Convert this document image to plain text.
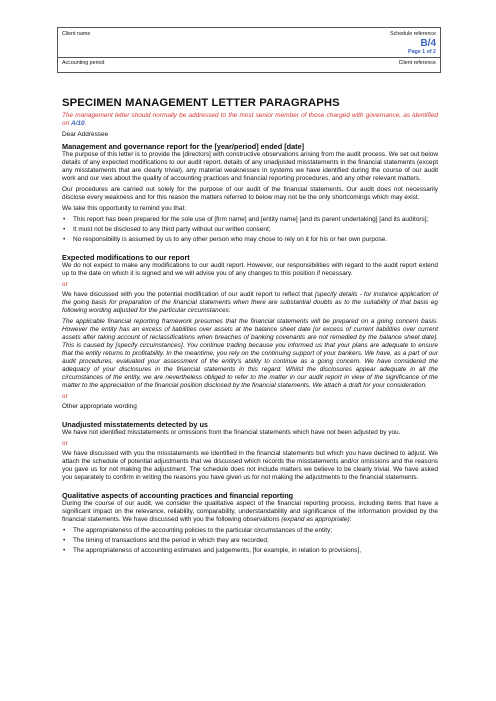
Client name	Schedule reference
B/4
Page 1 of 2
Accounting period	Client reference
SPECIMEN MANAGEMENT LETTER PARAGRAPHS

The management letter should normally be addressed to the most senior member of those charged with governance, as identified on A/10.

Dear Addressee

Management and governance report for the [year/period] ended [date]

The purpose of this letter is to provide the [directors] with constructive observations arising from the audit process. We set out below details of any expected modifications to our audit report, details of any unadjusted misstatements in the financial statements (except any misstatements that are clearly trivial), any material weaknesses in systems we have identified during the course of our audit work and our vies about the quality of accounting practices and financial reporting procedures, and any other relevant matters.

Our procedures are carried out solely for the purpose of our audit of the financial statements. Our audit does not necessarily disclose every weakness and for this reason the matters referred to below may not be the only shortcomings which may exist.

We take this opportunity to remind you that:

• This report has been prepared for the sole use of [firm name] and [entity name] [and its parent undertaking] [and its auditors];
• It must not be disclosed to any third party without our written consent;
• No responsibility is assumed by us to any other person who may chose to rely on it for his or her own purpose.
Expected modifications to our report

We do not expect to make any modifications to our audit report. However, our responsibilities with regard to the audit report extend up to the date on which it is signed and we will advise you of any changes to this position if necessary.

or

We have discussed with you the potential modification of our audit report to reflect that [specify details - for instance application of the going basis for preparation of the financial statements when there are substantial doubts as to the suitability of that basis eg following wording adjusted for the particular circumstances:

The applicable financial reporting framework presumes that the financial statements will be prepared on a going concern basis. However the entity has an excess of liabilities over assets at the balance sheet date [or excess of current liabilities over current assets after taking account of reclassifications when breaches of banking covenants are not remedied by the balance sheet date]. This is caused by [specify circumstances]. You continue trading because you informed us that your plans are adequate to ensure that the entity returns to profitability. In the meantime, you rely on the continuing support of your bankers. We have, as a part of our audit procedures, evaluated your assessment of the entity's ability to continue as a going concern. We have considered the adequacy of your disclosures in the financial statements in this regard. Whilst the disclosures appear adequate in all the circumstances of the entity, we are nevertheless obliged to refer to the matter in our audit report in view of the significance of the matter to the appreciation of the financial position disclosed by the financial statements. We attach a draft for your consideration.

or

Other appropriate wording

Unadjusted misstatements detected by us

We have not identified misstatements or omissions from the financial statements which have not been adjusted by you.

or

We have discussed with you the misstatements we identified in the financial statements but which you have declined to adjust. We attach the schedule of potential adjustments that we discussed which records the misstatements and/or omissions and the reasons you gave us for not making the adjustment. The schedule does not include matters we believe to be clearly trivial. We have asked you separately to confirm in writing the reasons you have given us for not making the adjustments to the financial statements.

Qualitative aspects of accounting practices and financial reporting

During the course of our audit, we consider the qualitative aspect of the financial reporting process, including items that have a significant impact on the relevance, reliability, comparability, understandability and significance of the information provided by the financial statements. We have discussed with you the following observations (expand as appropriate):

• The appropriateness of the accounting policies to the particular circumstances of the entity;
• The timing of transactions and the period in which they are recorded;
• The appropriateness of accounting estimates and judgements, [for example, in relation to provisions],
